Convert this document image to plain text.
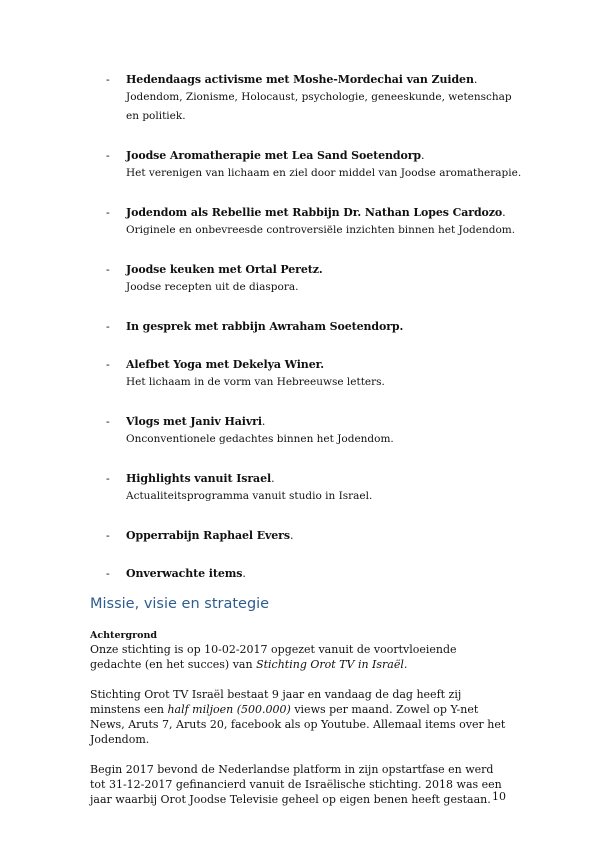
- Hedendaags activisme met Moshe-Mordechai van Zuiden.
Jodendom, Zionisme, Holocaust, psychologie, geneeskunde, wetenschap en politiek.
- Joodse Aromatherapie met Lea Sand Soetendorp.
Het verenigen van lichaam en ziel door middel van Joodse aromatherapie.
- Jodendom als Rebellie met Rabbijn Dr. Nathan Lopes Cardozo.
Originele en onbevreesde controversiële inzichten binnen het Jodendom.
- Joodse keuken met Ortal Peretz.
Joodse recepten uit de diaspora.
- In gesprek met rabbijn Awraham Soetendorp.
- Alefbet Yoga met Dekelya Winer.
Het lichaam in de vorm van Hebreeuwse letters.
- Vlogs met Janiv Haivri.
Onconventionele gedachtes binnen het Jodendom.
- Highlights vanuit Israel.
Actualiteitsprogramma vanuit studio in Israel.
- Opperrabijn Raphael Evers.
- Onverwachte items.
Missie, visie en strategie
Achtergrond

Onze stichting is op 10-02-2017 opgezet vanuit de voortvloeiende gedachte (en het succes) van Stichting Orot TV in Israël.

Stichting Orot TV Israël bestaat 9 jaar en vandaag de dag heeft zij minstens een half miljoen (500.000) views per maand. Zowel op Y-net News, Aruts 7, Aruts 20, facebook als op Youtube. Allemaal items over het Jodendom.

Begin 2017 bevond de Nederlandse platform in zijn opstartfase en werd tot 31-12-2017 gefinancierd vanuit de Israëlische stichting. 2018 was een jaar waarbij Orot Joodse Televisie geheel op eigen benen heeft gestaan. 10
